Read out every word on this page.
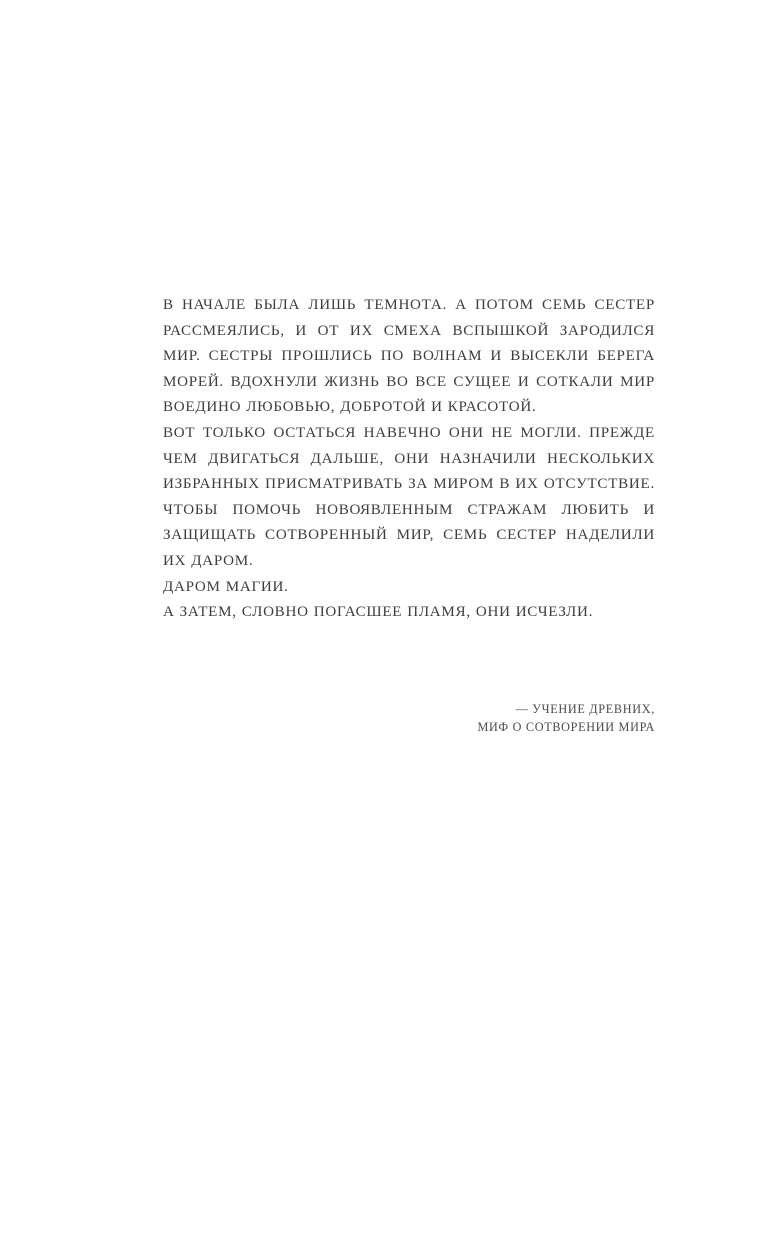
В НАЧАЛЕ БЫЛА ЛИШЬ ТЕМНОТА. А ПОТОМ СЕМЬ СЕСТЕР РАССМЕЯЛИСЬ, И ОТ ИХ СМЕХА ВСПЫШКОЙ ЗАРОДИЛСЯ МИР. СЕСТРЫ ПРОШЛИСЬ ПО ВОЛНАМ И ВЫСЕКЛИ БЕРЕГА МОРЕЙ. ВДОХНУЛИ ЖИЗНЬ ВО ВСЕ СУЩЕЕ И СОТКАЛИ МИР ВОЕДИНО ЛЮБОВЬЮ, ДОБРОТОЙ И КРАСОТОЙ.

ВОТ ТОЛЬКО ОСТАТЬСЯ НАВЕЧНО ОНИ НЕ МОГЛИ. ПРЕЖДЕ ЧЕМ ДВИГАТЬСЯ ДАЛЬШЕ, ОНИ НАЗНАЧИЛИ НЕСКОЛЬКИХ ИЗБРАННЫХ ПРИСМАТРИВАТЬ ЗА МИРОМ В ИХ ОТСУТСТВИЕ. ЧТОБЫ ПОМОЧЬ НОВОЯВЛЕННЫМ СТРАЖАМ ЛЮБИТЬ И ЗАЩИЩАТЬ СОТВОРЕННЫЙ МИР, СЕМЬ СЕСТЕР НАДЕЛИЛИ ИХ ДАРОМ.

ДАРОМ МАГИИ.

А ЗАТЕМ, СЛОВНО ПОГАСШЕЕ ПЛАМЯ, ОНИ ИСЧЕЗЛИ.

— УЧЕНИЕ ДРЕВНИХ,

МИФ О СОТВОРЕНИИ МИРА
